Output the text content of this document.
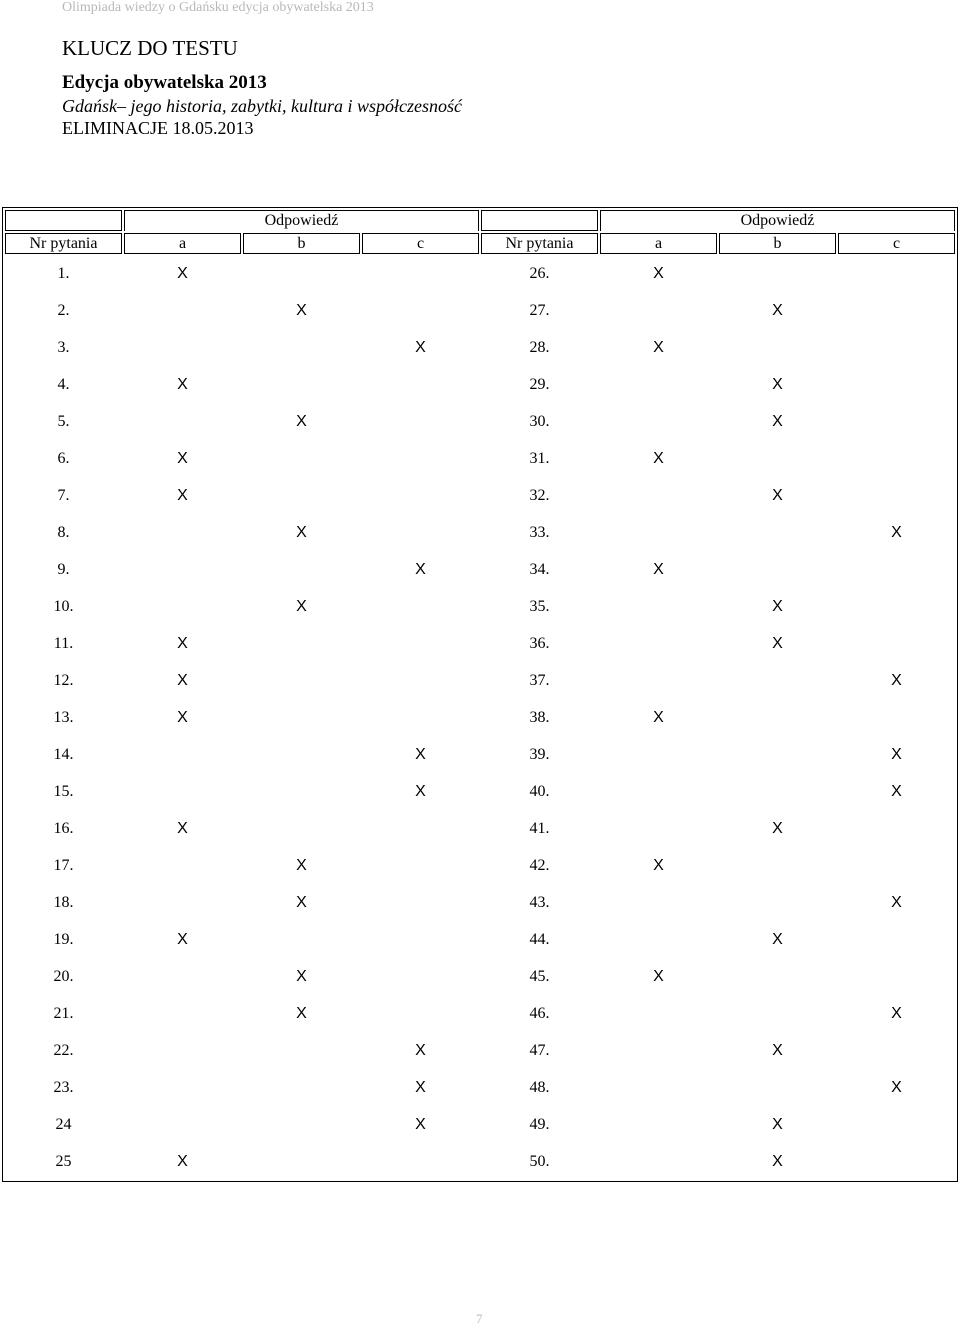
Olimpiada wiedzy o Gdańsku edycja obywatelska 2013
KLUCZ DO TESTU
Edycja obywatelska 2013
Gdańsk– jego historia, zabytki, kultura i współczesność
ELIMINACJE 18.05.2013
	Odpowiedź				Odpowiedź		
Nr pytania	a	b	c	Nr pytania	a	b	c
1.	X			26.	X		
2.		X		27.		X	
3.			X	28.	X		
4.	X			29.		X	
5.		X		30.		X	
6.	X			31.	X		
7.	X			32.		X	
8.		X		33.			X
9.			X	34.	X		
10.		X		35.		X	
11.	X			36.		X	
12.	X			37.			X
13.	X			38.	X		
14.			X	39.			X
15.			X	40.			X
16.	X			41.		X	
17.		X		42.	X		
18.		X		43.			X
19.	X			44.		X	
20.		X		45.	X		
21.		X		46.			X
22.			X	47.		X	
23.			X	48.			X
24			X	49.		X	
25	X			50.		X	
7
